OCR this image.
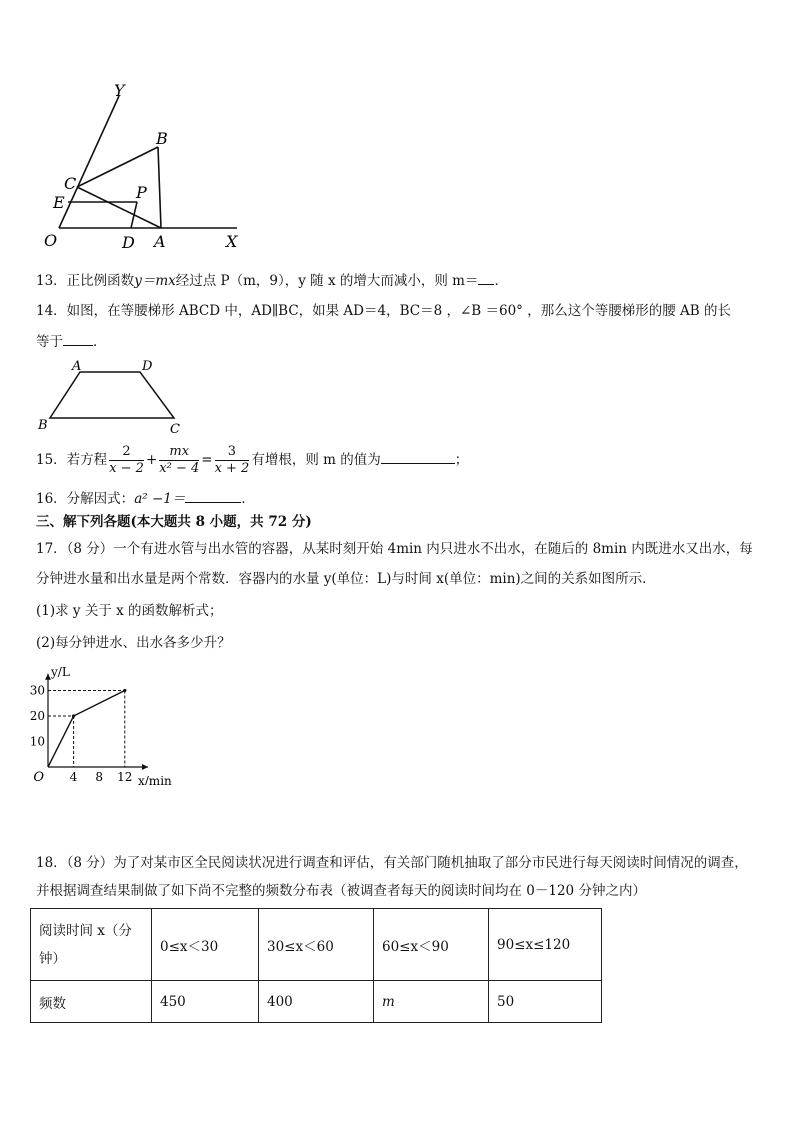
Y
B
C	P
E
O	D A	X
13．正比例函数y＝mx经过点 P（m，9），y 随 x 的增大而减小，则 m＝ ．
14．如图，在等腰梯形 ABCD 中，AD∥BC，如果 AD＝4，BC＝8 ，∠B ＝60° ，那么这个等腰梯形的腰 AB 的长
等于 ．
A	D
B	C
15．若方程 $\frac{2}{x - 2} + \frac{mx}{\text{x² − 4}} = \frac{3}{x + 2}$ 有增根，则 m 的值为	；
16．分解因式：a² −1＝	．
三、解下列各题(本大题共 8 小题，共 72 分)
17．（8 分）一个有进水管与出水管的容器，从某时刻开始 4min 内只进水不出水，在随后的 8min 内既进水又出水，每
分钟进水量和出水量是两个常数．容器内的水量 y(单位：L)与时间 x(单位：min)之间的关系如图所示．
(1)求 y 关于 x 的函数解析式；
(2)每分钟进水、出水各多少升？
10
20
30
4 8 12
O	x/min
y/L
18．（8 分）为了对某市区全民阅读状况进行调查和评估，有关部门随机抽取了部分市民进行每天阅读时间情况的调查，
并根据调查结果制做了如下尚不完整的频数分布表（被调查者每天的阅读时间均在 0－120 分钟之内）
阅读时间 x（分
钟）	0≤x＜30	30≤x＜60	60≤x＜90	90≤x≤120
频数	450	400	m	50
